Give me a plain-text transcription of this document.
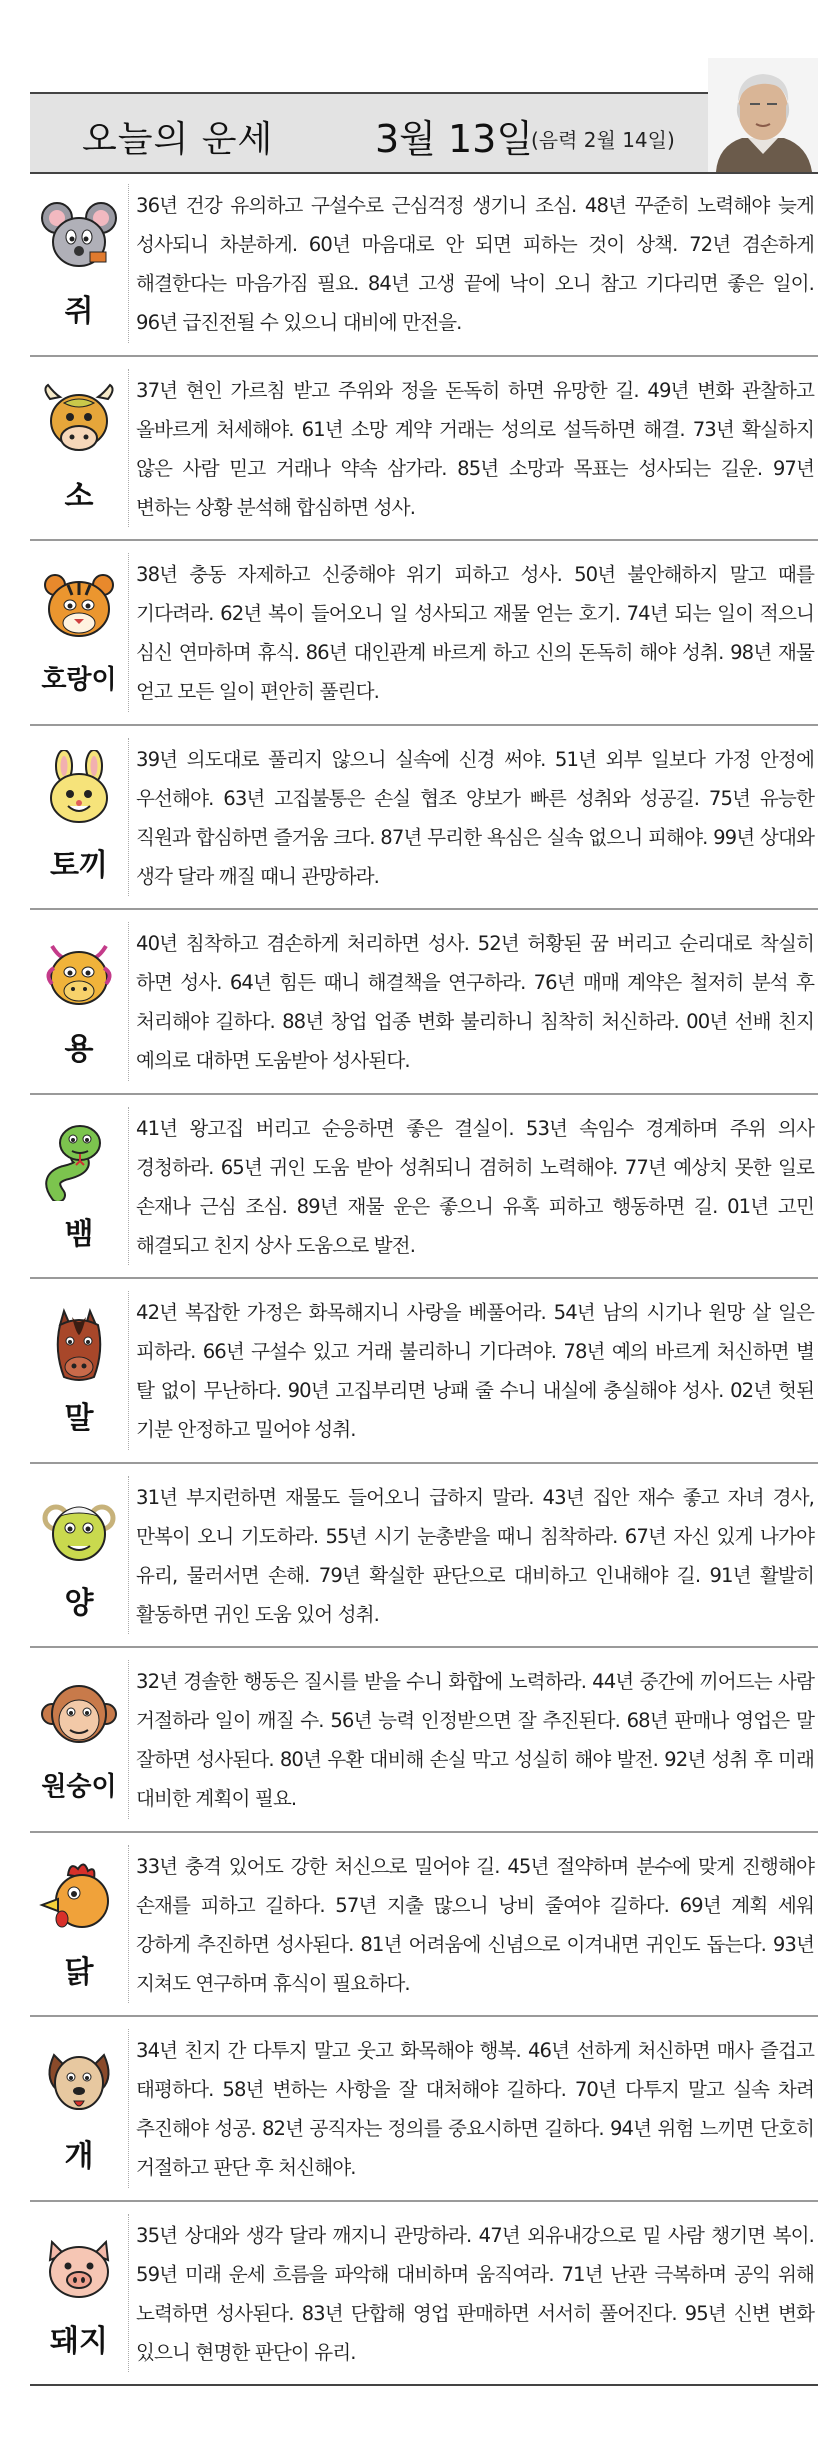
오늘의 운세	3월 13일
(음력 2월 14일)
쥐

36년 건강 유의하고 구설수로 근심걱정 생기니 조심. 48년 꾸준히 노력해야 늦게 성사되니 차분하게. 60년 마음대로 안 되면 피하는 것이 상책. 72년 겸손하게 해결한다는 마음가짐 필요. 84년 고생 끝에 낙이 오니 참고 기다리면 좋은 일이. 96년 급진전될 수 있으니 대비에 만전을.

소

37년 현인 가르침 받고 주위와 정을 돈독히 하면 유망한 길. 49년 변화 관찰하고 올바르게 처세해야. 61년 소망 계약 거래는 성의로 설득하면 해결. 73년 확실하지 않은 사람 믿고 거래나 약속 삼가라. 85년 소망과 목표는 성사되는 길운. 97년 변하는 상황 분석해 합심하면 성사.

호랑이

38년 충동 자제하고 신중해야 위기 피하고 성사. 50년 불안해하지 말고 때를 기다려라. 62년 복이 들어오니 일 성사되고 재물 얻는 호기. 74년 되는 일이 적으니 심신 연마하며 휴식. 86년 대인관계 바르게 하고 신의 돈독히 해야 성취. 98년 재물 얻고 모든 일이 편안히 풀린다.

토끼

39년 의도대로 풀리지 않으니 실속에 신경 써야. 51년 외부 일보다 가정 안정에 우선해야. 63년 고집불통은 손실 협조 양보가 빠른 성취와 성공길. 75년 유능한 직원과 합심하면 즐거움 크다. 87년 무리한 욕심은 실속 없으니 피해야. 99년 상대와 생각 달라 깨질 때니 관망하라.

용

40년 침착하고 겸손하게 처리하면 성사. 52년 허황된 꿈 버리고 순리대로 착실히 하면 성사. 64년 힘든 때니 해결책을 연구하라. 76년 매매 계약은 철저히 분석 후 처리해야 길하다. 88년 창업 업종 변화 불리하니 침착히 처신하라. 00년 선배 친지 예의로 대하면 도움받아 성사된다.

뱀

41년 왕고집 버리고 순응하면 좋은 결실이. 53년 속임수 경계하며 주위 의사 경청하라. 65년 귀인 도움 받아 성취되니 겸허히 노력해야. 77년 예상치 못한 일로 손재나 근심 조심. 89년 재물 운은 좋으니 유혹 피하고 행동하면 길. 01년 고민 해결되고 친지 상사 도움으로 발전.

말

42년 복잡한 가정은 화목해지니 사랑을 베풀어라. 54년 남의 시기나 원망 살 일은 피하라. 66년 구설수 있고 거래 불리하니 기다려야. 78년 예의 바르게 처신하면 별 탈 없이 무난하다. 90년 고집부리면 낭패 줄 수니 내실에 충실해야 성사. 02년 헛된 기분 안정하고 밀어야 성취.

양

31년 부지런하면 재물도 들어오니 급하지 말라. 43년 집안 재수 좋고 자녀 경사, 만복이 오니 기도하라. 55년 시기 눈총받을 때니 침착하라. 67년 자신 있게 나가야 유리, 물러서면 손해. 79년 확실한 판단으로 대비하고 인내해야 길. 91년 활발히 활동하면 귀인 도움 있어 성취.

원숭이

32년 경솔한 행동은 질시를 받을 수니 화합에 노력하라. 44년 중간에 끼어드는 사람 거절하라 일이 깨질 수. 56년 능력 인정받으면 잘 추진된다. 68년 판매나 영업은 말 잘하면 성사된다. 80년 우환 대비해 손실 막고 성실히 해야 발전. 92년 성취 후 미래 대비한 계획이 필요.

닭

33년 충격 있어도 강한 처신으로 밀어야 길. 45년 절약하며 분수에 맞게 진행해야 손재를 피하고 길하다. 57년 지출 많으니 낭비 줄여야 길하다. 69년 계획 세워 강하게 추진하면 성사된다. 81년 어려움에 신념으로 이겨내면 귀인도 돕는다. 93년 지쳐도 연구하며 휴식이 필요하다.

개

34년 친지 간 다투지 말고 웃고 화목해야 행복. 46년 선하게 처신하면 매사 즐겁고 태평하다. 58년 변하는 사항을 잘 대처해야 길하다. 70년 다투지 말고 실속 차려 추진해야 성공. 82년 공직자는 정의를 중요시하면 길하다. 94년 위험 느끼면 단호히 거절하고 판단 후 처신해야.

돼지

35년 상대와 생각 달라 깨지니 관망하라. 47년 외유내강으로 밑 사람 챙기면 복이. 59년 미래 운세 흐름을 파악해 대비하며 움직여라. 71년 난관 극복하며 공익 위해 노력하면 성사된다. 83년 단합해 영업 판매하면 서서히 풀어진다. 95년 신변 변화 있으니 현명한 판단이 유리.
